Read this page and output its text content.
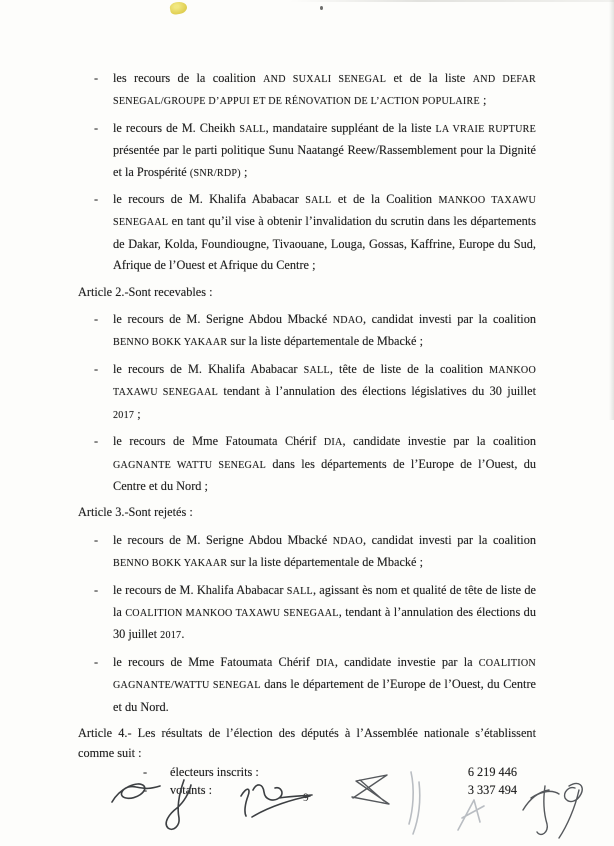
- les recours de la coalition AND SUXALI SENEGAL et de la liste AND DEFAR SENEGAL/GROUPE D’APPUI ET DE RÉNOVATION DE L’ACTION POPULAIRE ;
- le recours de M. Cheikh SALL, mandataire suppléant de la liste LA VRAIE RUPTURE présentée par le parti politique Sunu Naatangé Reew/Rassemblement pour la Dignité et la Prospérité (SNR/RDP) ;
- le recours de M. Khalifa Ababacar SALL et de la Coalition MANKOO TAXAWU SENEGAAL en tant qu’il vise à obtenir l’invalidation du scrutin dans les départements de Dakar, Kolda, Foundiougne, Tivaouane, Louga, Gossas, Kaffrine, Europe du Sud, Afrique de l’Ouest et Afrique du Centre ;
Article 2.-Sont recevables :
- le recours de M. Serigne Abdou Mbacké NDAO, candidat investi par la coalition BENNO BOKK YAKAAR sur la liste départementale de Mbacké ;
- le recours de M. Khalifa Ababacar SALL, tête de liste de la coalition MANKOO TAXAWU SENEGAAL tendant à l’annulation des élections législatives du 30 juillet 2017 ;
- le recours de Mme Fatoumata Chérif DIA, candidate investie par la coalition GAGNANTE WATTU SENEGAL dans les départements de l’Europe de l’Ouest, du Centre et du Nord ;
Article 3.-Sont rejetés :
- le recours de M. Serigne Abdou Mbacké NDAO, candidat investi par la coalition BENNO BOKK YAKAAR sur la liste départementale de Mbacké ;
- le recours de M. Khalifa Ababacar SALL, agissant ès nom et qualité de tête de liste de la COALITION MANKOO TAXAWU SENEGAAL, tendant à l’annulation des élections du 30 juillet 2017.
- le recours de Mme Fatoumata Chérif DIA, candidate investie par la COALITION GAGNANTE/WATTU SENEGAL dans le département de l’Europe de l’Ouest, du Centre et du Nord.
Article 4.- Les résultats de l’élection des députés à l’Assemblée nationale s’établissent comme suit :
-	électeurs inscrits :	6 219 446
-	votants :	3 337 494
9
